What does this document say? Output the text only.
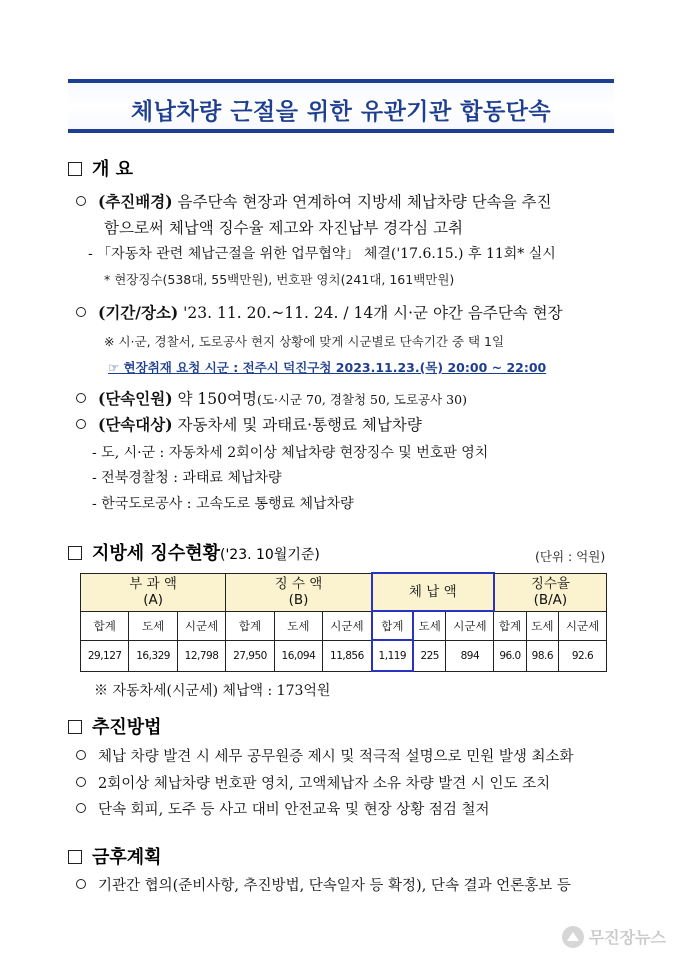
체납차량 근절을 위한 유관기관 합동단속
개 요
(추진배경) 음주단속 현장과 연계하여 지방세 체납차량 단속을 추진
함으로써 체납액 징수율 제고와 자진납부 경각심 고취
- 「자동차 관련 체납근절을 위한 업무협약」 체결('17.6.15.) 후 11회* 실시
* 현장징수(538대, 55백만원), 번호판 영치(241대, 161백만원)
(기간/장소) '23. 11. 20.~11. 24. / 14개 시·군 야간 음주단속 현장
※ 시·군, 경찰서, 도로공사 현지 상황에 맞게 시군별로 단속기간 중 택 1일
☞ 현장취재 요청 시군 : 전주시 덕진구청 2023.11.23.(목) 20:00 ~ 22:00
(단속인원) 약 150여명(도·시군 70, 경찰청 50, 도로공사 30)
(단속대상) 자동차세 및 과태료·통행료 체납차량
- 도, 시·군 : 자동차세 2회이상 체납차량 현장징수 및 번호판 영치
- 전북경찰청 : 과태료 체납차량
- 한국도로공사 : 고속도로 통행료 체납차량
지방세 징수현황('23. 10월기준)	(단위 : 억원)
부 과 액
(A)			징 수 액
(B)			체 납 액			징수율
(B/A)		
합계	도세	시군세	합계	도세	시군세	합계	도세	시군세	합계	도세	시군세
29,127	16,329	12,798	27,950	16,094	11,856	1,119	225	894	96.0	98.6	92.6
※ 자동차세(시군세) 체납액 : 173억원
추진방법
체납 차량 발견 시 세무 공무원증 제시 및 적극적 설명으로 민원 발생 최소화
2회이상 체납차량 번호판 영치, 고액체납자 소유 차량 발견 시 인도 조치
단속 회피, 도주 등 사고 대비 안전교육 및 현장 상황 점검 철저
금후계획
기관간 협의(준비사항, 추진방법, 단속일자 등 확정), 단속 결과 언론홍보 등
무진장뉴스
